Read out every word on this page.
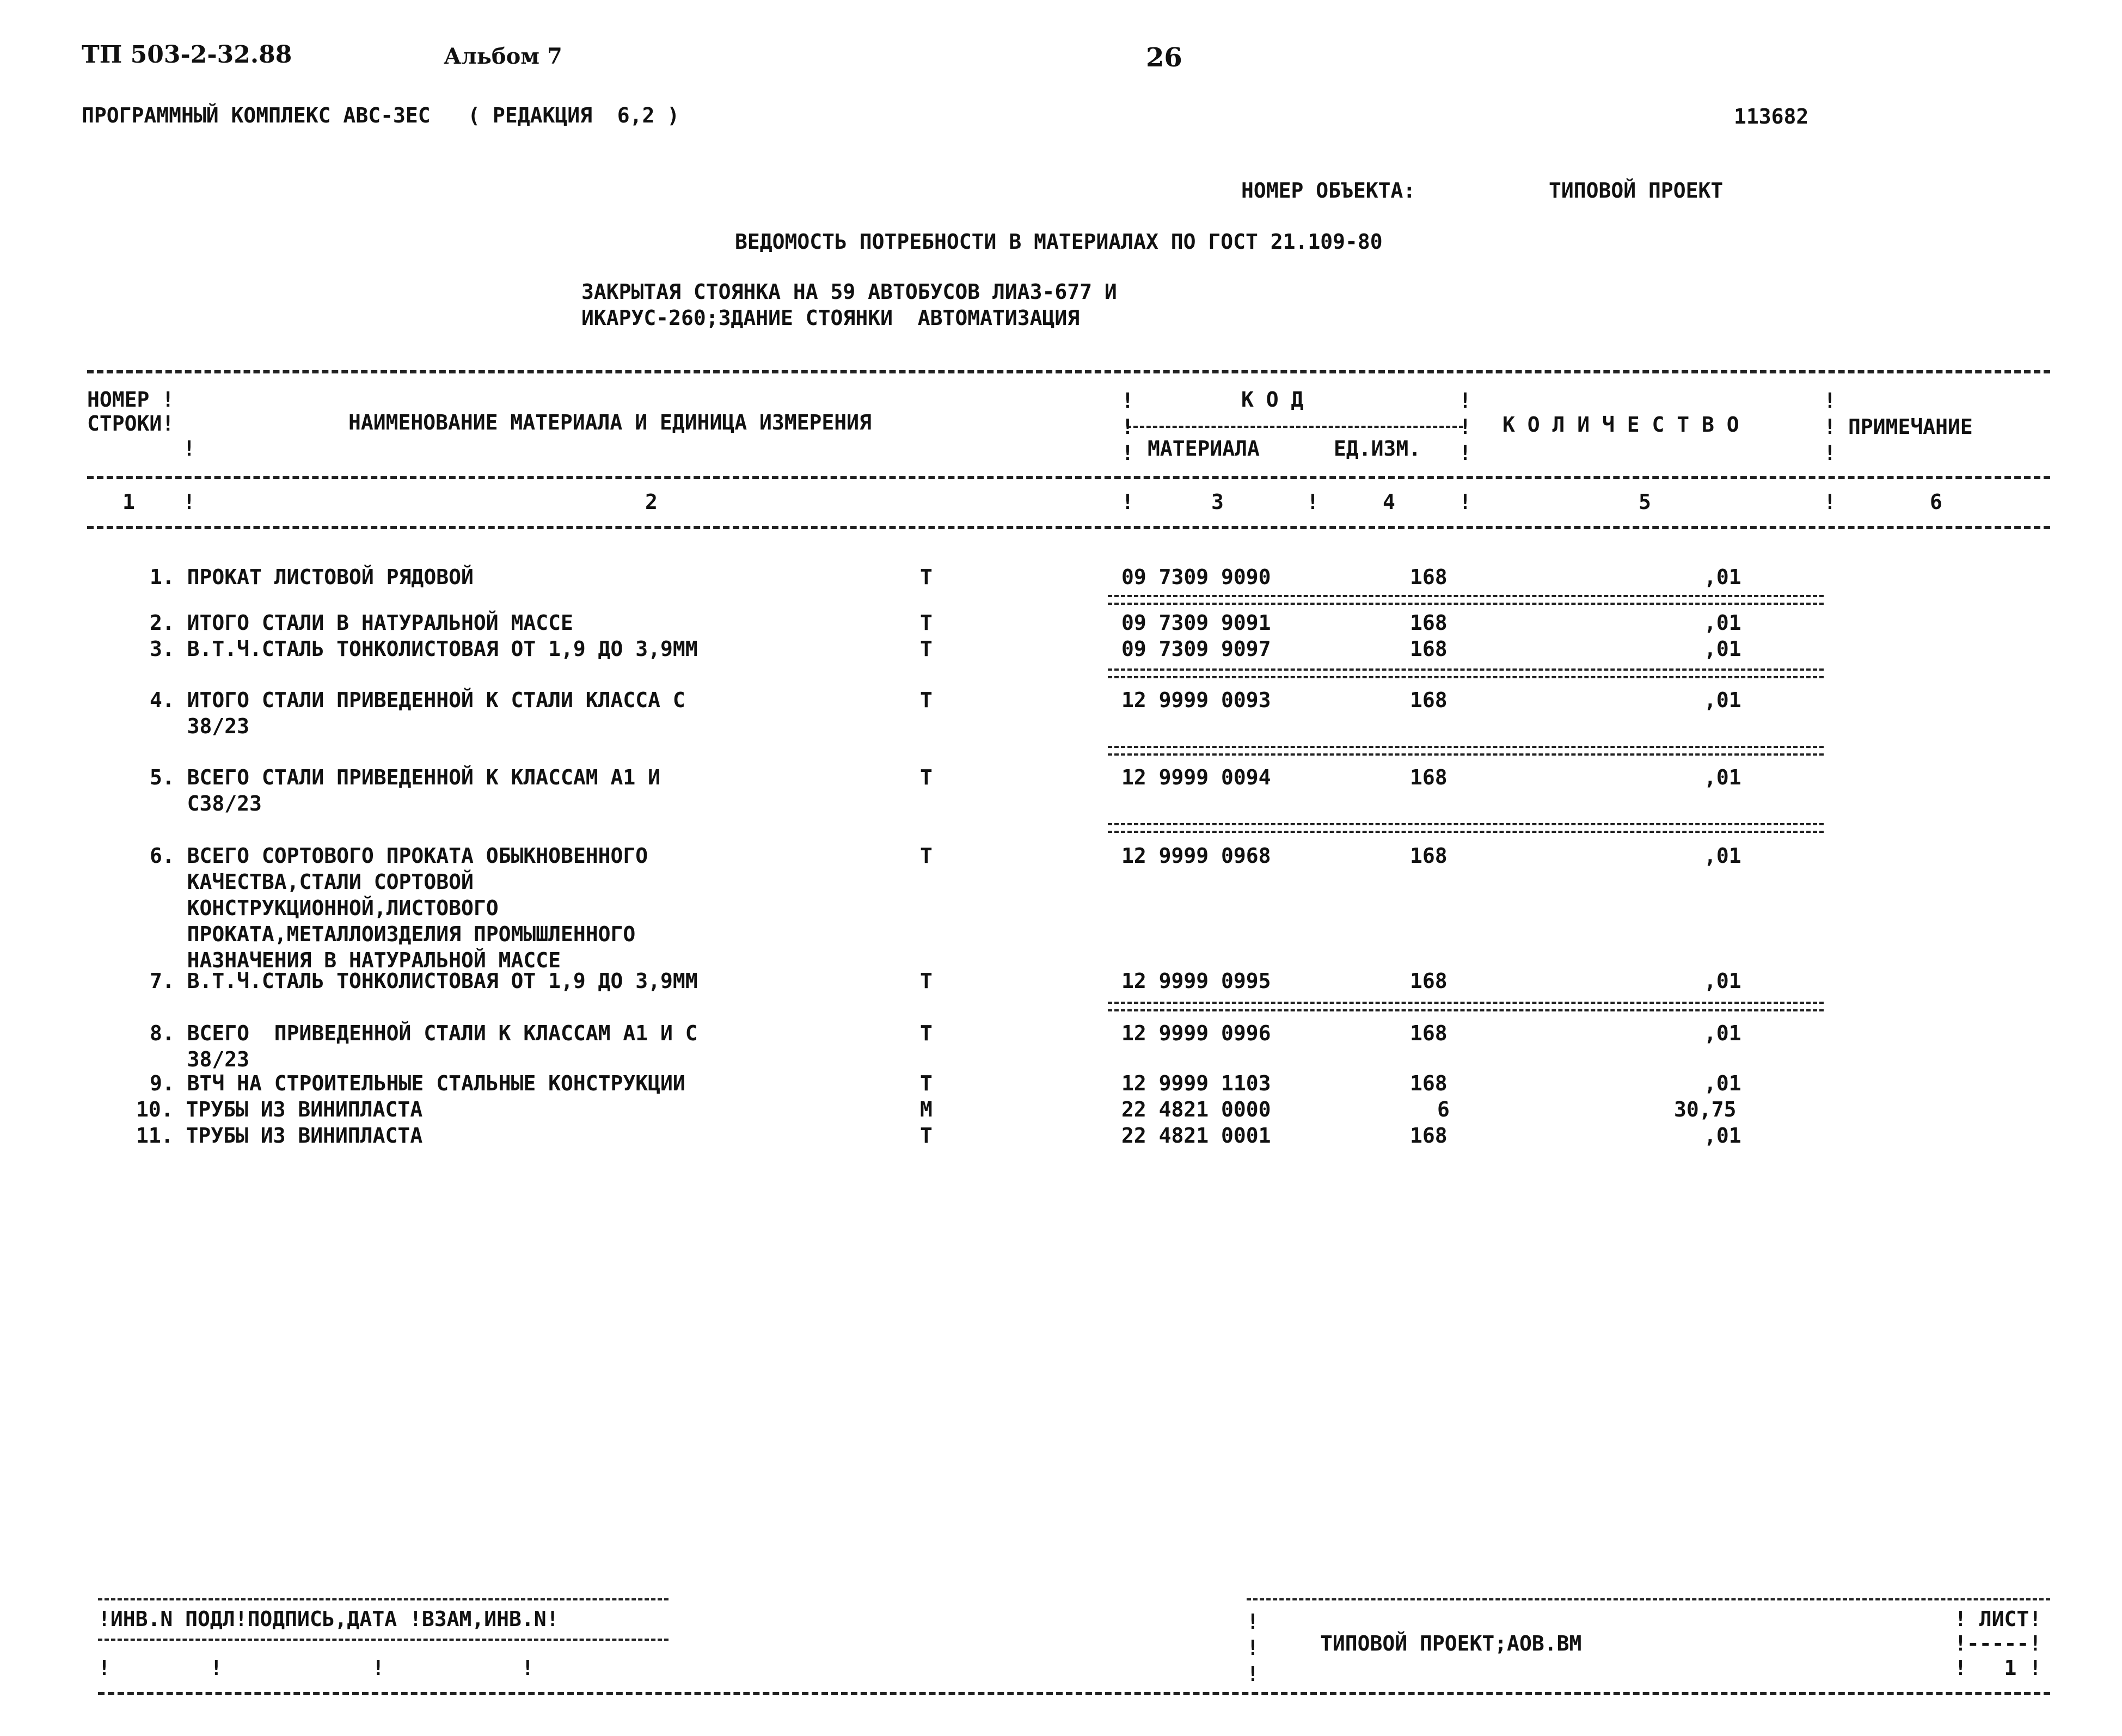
ТП 503-2-32.88	Альбом 7	26
ПРОГРАММНЫЙ КОМПЛЕКС АВС-3ЕС   ( РЕДАКЦИЯ  6,2 )	113682
НОМЕР ОБЪЕКТА:	ТИПОВОЙ ПРОЕКТ
ВЕДОМОСТЬ ПОТРЕБНОСТИ В МАТЕРИАЛАХ ПО ГОСТ 21.109-80
ЗАКРЫТАЯ СТОЯНКА НА 59 АВТОБУСОВ ЛИАЗ-677 И
ИКАРУС-260;ЗДАНИЕ СТОЯНКИ  АВТОМАТИЗАЦИЯ
НОМЕР !
СТРОКИ!	НАИМЕНОВАНИЕ МАТЕРИАЛА И ЕДИНИЦА ИЗМЕРЕНИЯ
К О Д
МАТЕРИАЛА	ЕД.ИЗМ.
К О Л И Ч Е С Т В О	ПРИМЕЧАНИЕ
!
!
!
!
!
!
!
!
!
!
1 !	2	!	3	!	4	!	5	!	6
1. ПРОКАТ ЛИСТОВОЙ РЯДОВОЙ	Т	09 7309 9090	168	,01
2. ИТОГО СТАЛИ В НАТУРАЛЬНОЙ МАССЕ	Т	09 7309 9091	168	,01
3. В.Т.Ч.СТАЛЬ ТОНКОЛИСТОВАЯ ОТ 1,9 ДО 3,9ММ	Т	09 7309 9097	168	,01
4. ИТОГО СТАЛИ ПРИВЕДЕННОЙ К СТАЛИ КЛАССА С
38/23
Т	12 9999 0093	168	,01
5. ВСЕГО СТАЛИ ПРИВЕДЕННОЙ К КЛАССАМ А1 И
С38/23
Т	12 9999 0094	168	,01
6. ВСЕГО СОРТОВОГО ПРОКАТА ОБЫКНОВЕННОГО
КАЧЕСТВА,СТАЛИ СОРТОВОЙ
КОНСТРУКЦИОННОЙ,ЛИСТОВОГО
ПРОКАТА,МЕТАЛЛОИЗДЕЛИЯ ПРОМЫШЛЕННОГО
НАЗНАЧЕНИЯ В НАТУРАЛЬНОЙ МАССЕ
Т	12 9999 0968	168	,01
7. В.Т.Ч.СТАЛЬ ТОНКОЛИСТОВАЯ ОТ 1,9 ДО 3,9ММ	Т	12 9999 0995	168	,01
8. ВСЕГО  ПРИВЕДЕННОЙ СТАЛИ К КЛАССАМ А1 И С
38/23
Т	12 9999 0996	168	,01
9. ВТЧ НА СТРОИТЕЛЬНЫЕ СТАЛЬНЫЕ КОНСТРУКЦИИ	Т	12 9999 1103	168	,01
10. ТРУБЫ ИЗ ВИНИПЛАСТА	М	22 4821 0000	6	30,75
11. ТРУБЫ ИЗ ВИНИПЛАСТА	Т	22 4821 0001	168	,01
!ИНВ.N ПОДЛ!ПОДПИСЬ,ДАТА !ВЗАМ,ИНВ.N!
!        !            !           !
!
!
!
ТИПОВОЙ ПРОЕКТ;АОВ.ВМ
! ЛИСТ!
!-----!
!   1 !
